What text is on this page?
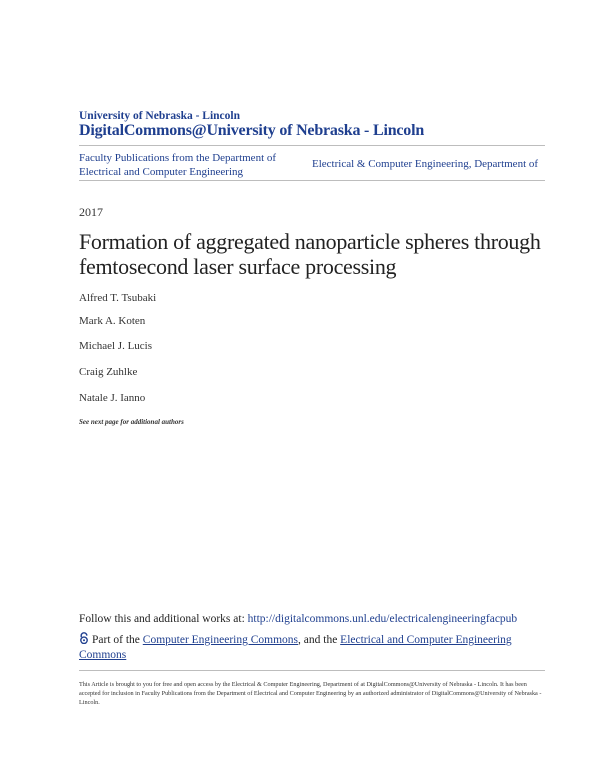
University of Nebraska - Lincoln
DigitalCommons@University of Nebraska - Lincoln
Faculty Publications from the Department of Electrical and Computer Engineering
Electrical & Computer Engineering, Department of
2017
Formation of aggregated nanoparticle spheres through femtosecond laser surface processing
Alfred T. Tsubaki
Mark A. Koten
Michael J. Lucis
Craig Zuhlke
Natale J. Ianno
See next page for additional authors
Follow this and additional works at: http://digitalcommons.unl.edu/electricalengineeringfacpub
Part of the Computer Engineering Commons, and the Electrical and Computer Engineering Commons
This Article is brought to you for free and open access by the Electrical & Computer Engineering, Department of at DigitalCommons@University of Nebraska - Lincoln. It has been accepted for inclusion in Faculty Publications from the Department of Electrical and Computer Engineering by an authorized administrator of DigitalCommons@University of Nebraska - Lincoln.
